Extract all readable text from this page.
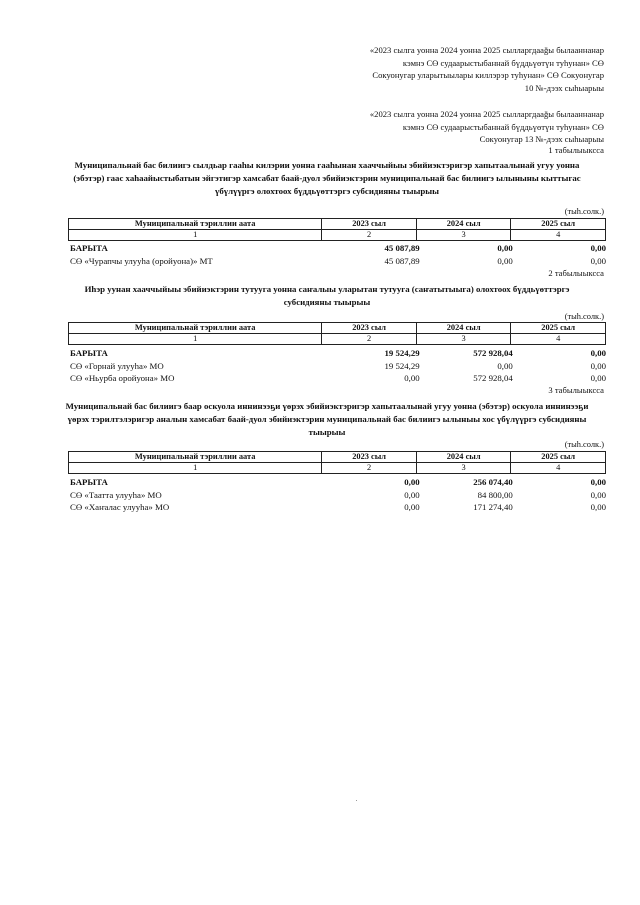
«2023 сылга уонна 2024 уонна 2025 сылларгдаağы былааннанар
кэмнэ СӨ судаарыстыбаннай бүддьүөтүн туһунан» СӨ
Сокуонугар уларытыылары киллэрэр туһунан» СӨ Сокуонугар
10 №-дээх сыһыарыы
«2023 сылга уонна 2024 уонна 2025 сылларгдаağы былааннанар
кэмнэ СӨ судаарыстыбаннай бүддьүөтүн туһунан» СӨ
Сокуонугар 13 №-дээх сыһыарыы
1 табылыыксса
Муниципальнай бас билиигэ сылдьар гааһы килэрии уонна гааһынан хааччыйыы эбийиэктэригэр хапытаалынай угуу уонна (эбэтэр) гаас хаһаайыстыбатын эйгэтигэр хамсабат баай-дуол эбийиэктэрин муниципальнай бас билиигэ ылыныны кыттыгас үбүлүүргэ олохтоох бүддьүөттэргэ субсидияны тыырыы
(тыһ.солк.)
Муниципальнай тэриллии аата	2023 сыл	2024 сыл	2025 сыл
1	2	3	4
БАРЫТА	45 087,89	0,00	0,00
СӨ «Чурапчы улууһа (оройуона)» МТ	45 087,89	0,00	0,00
2 табылыыксса
Иһэр уунан хааччыйыы эбийиэктэрин тутууга уонна саҥалыы уларытан тутууга (саҥатытыыга) олохтоох бүддьүөттэргэ субсидияны тыырыы
(тыһ.солк.)
Муниципальнай тэриллии аата	2023 сыл	2024 сыл	2025 сыл
1	2	3	4
БАРЫТА	19 524,29	572 928,04	0,00
СӨ «Горнай улууһа» МО	19 524,29	0,00	0,00
СӨ «Ньурба оройуона» МО	0,00	572 928,04	0,00
3 табылыыксса
Муниципальнай бас билиигэ баар оскуола иннинээҕи үөрэх эбийиэктэригэр хапытаалынай угуу уонна (эбэтэр) оскуола иннинээҕи үөрэх тэрилтэлэригэр аналын хамсабат баай-дуол эбийиэктэрин муниципальнай бас билиигэ ылыныы хос үбүлүүргэ субсидияны тыырыы
(тыһ.солк.)
Муниципальнай тэриллии аата	2023 сыл	2024 сыл	2025 сыл
1	2	3	4
БАРЫТА	0,00	256 074,40	0,00
СӨ «Таатта улууһа» МО	0,00	84 800,00	0,00
СӨ «Хаҥалас улууһа» МО	0,00	171 274,40	0,00
